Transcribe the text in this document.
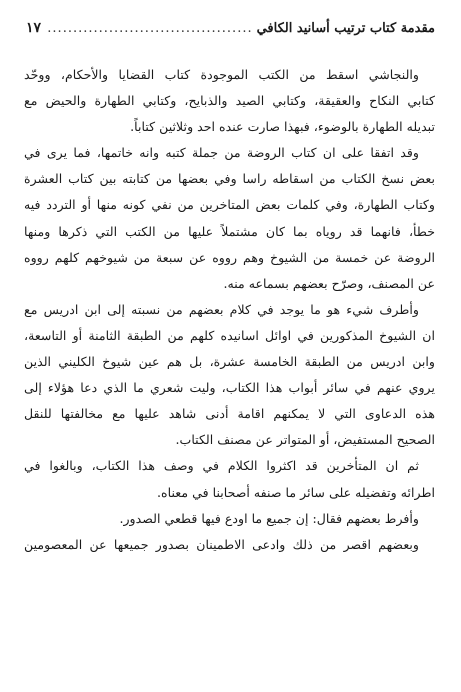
مقدمة كتاب ترتيب أسانيد الكافي
.....
١٧
والنجاشي اسقط من الكتب الموجودة كتاب القضايا والأحكام، ووحّد
كتابي النكاح والعقيقة، وكتابي الصيد والذبايح، وكتابي الطهارة والحيض مع
تبديله الطهارة بالوضوء، فبهذا صارت عنده احد وثلاثين كتاباً.
وقد اتفقا على ان كتاب الروضة من جملة كتبه وانه خاتمها، فما يرى في
بعض نسخ الكتاب من اسقاطه راسا وفي بعضها من كتابته بين كتاب العشرة
وكتاب الطهارة، وفي كلمات بعض المتاخرين من نفي كونه منها أو التردد فيه
خطأ، فانهما قد روياه بما كان مشتملاً عليها من الكتب التي ذكرها ومنها
الروضة عن خمسة من الشيوخ وهم رووه عن سبعة من شيوخهم كلهم رووه
عن المصنف، وصرّح بعضهم بسماعه منه.
وأطرف شيء هو ما يوجد في كلام بعضهم من نسبته إلى ابن ادريس مع
ان الشيوخ المذكورين في اوائل اسانيده كلهم من الطبقة الثامنة أو التاسعة،
وابن ادريس من الطبقة الخامسة عشرة، بل هم عين شيوخ الكليني الذين
يروي عنهم في سائر أبواب هذا الكتاب، وليت شعري ما الذي دعا هؤلاء إلى
هذه الدعاوى التي لا يمكنهم اقامة أدنى شاهد عليها مع مخالفتها للنقل
الصحيح المستفيض، أو المتواتر عن مصنف الكتاب.
ثم ان المتأخرين قد اكثروا الكلام في وصف هذا الكتاب، وبالغوا في
اطرائه وتفضيله على سائر ما صنفه أصحابنا في معناه.
وأفرط بعضهم فقال: إن جميع ما اودع فيها قطعي الصدور.
وبعضهم اقصر من ذلك وادعى الاطمينان بصدور جميعها عن المعصومين
